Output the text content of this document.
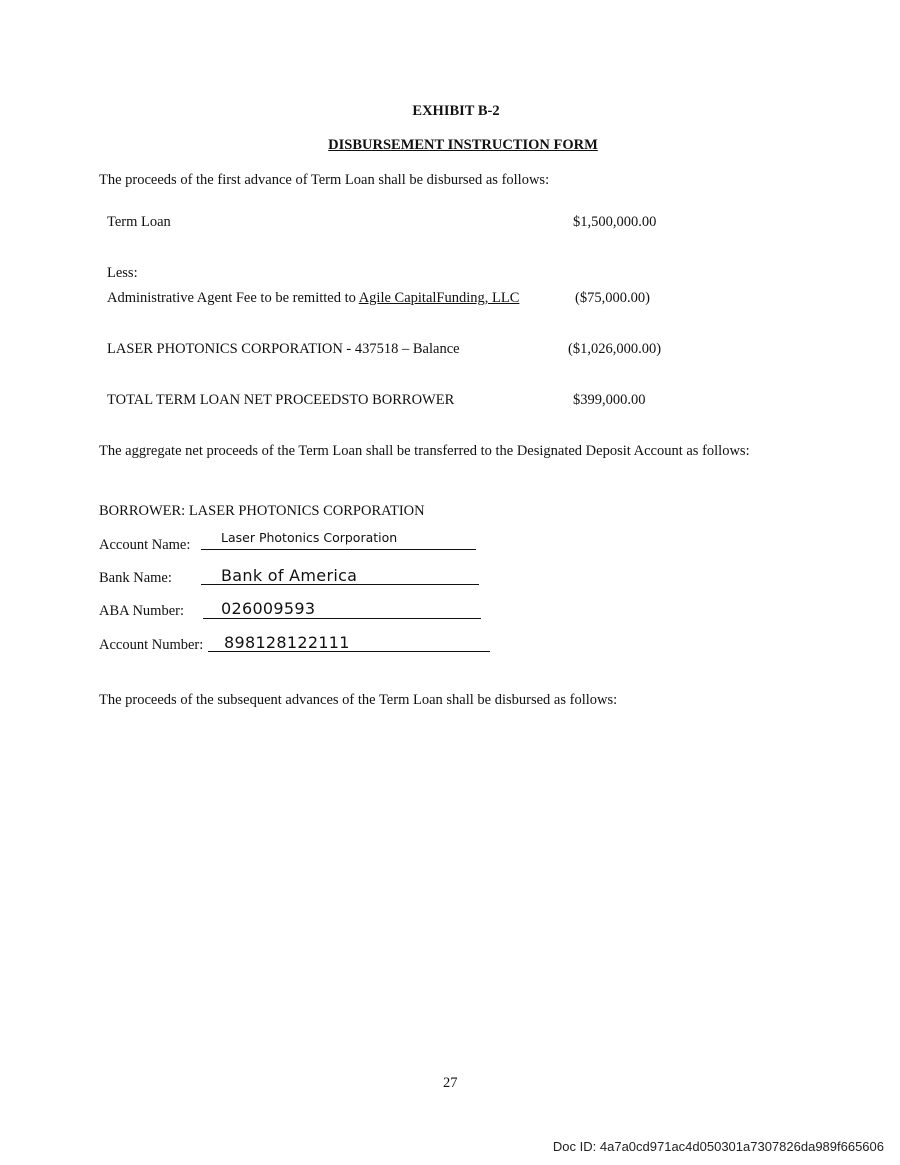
EXHIBIT B-2
DISBURSEMENT INSTRUCTION FORM
The proceeds of the first advance of Term Loan shall be disbursed as follows:
Term Loan	$1,500,000.00
Less:
Administrative Agent Fee to be remitted to Agile CapitalFunding, LLC	($75,000.00)
LASER PHOTONICS CORPORATION - 437518 – Balance	($1,026,000.00)
TOTAL TERM LOAN NET PROCEEDSTO BORROWER	$399,000.00
The aggregate net proceeds of the Term Loan shall be transferred to the Designated Deposit Account as follows:
BORROWER: LASER PHOTONICS CORPORATION
Account Name: Laser Photonics Corporation
Bank Name:	Bank of America
ABA Number: 026009593
Account Number: 898128122111
The proceeds of the subsequent advances of the Term Loan shall be disbursed as follows:
27
Doc ID: 4a7a0cd971ac4d050301a7307826da989f665606
